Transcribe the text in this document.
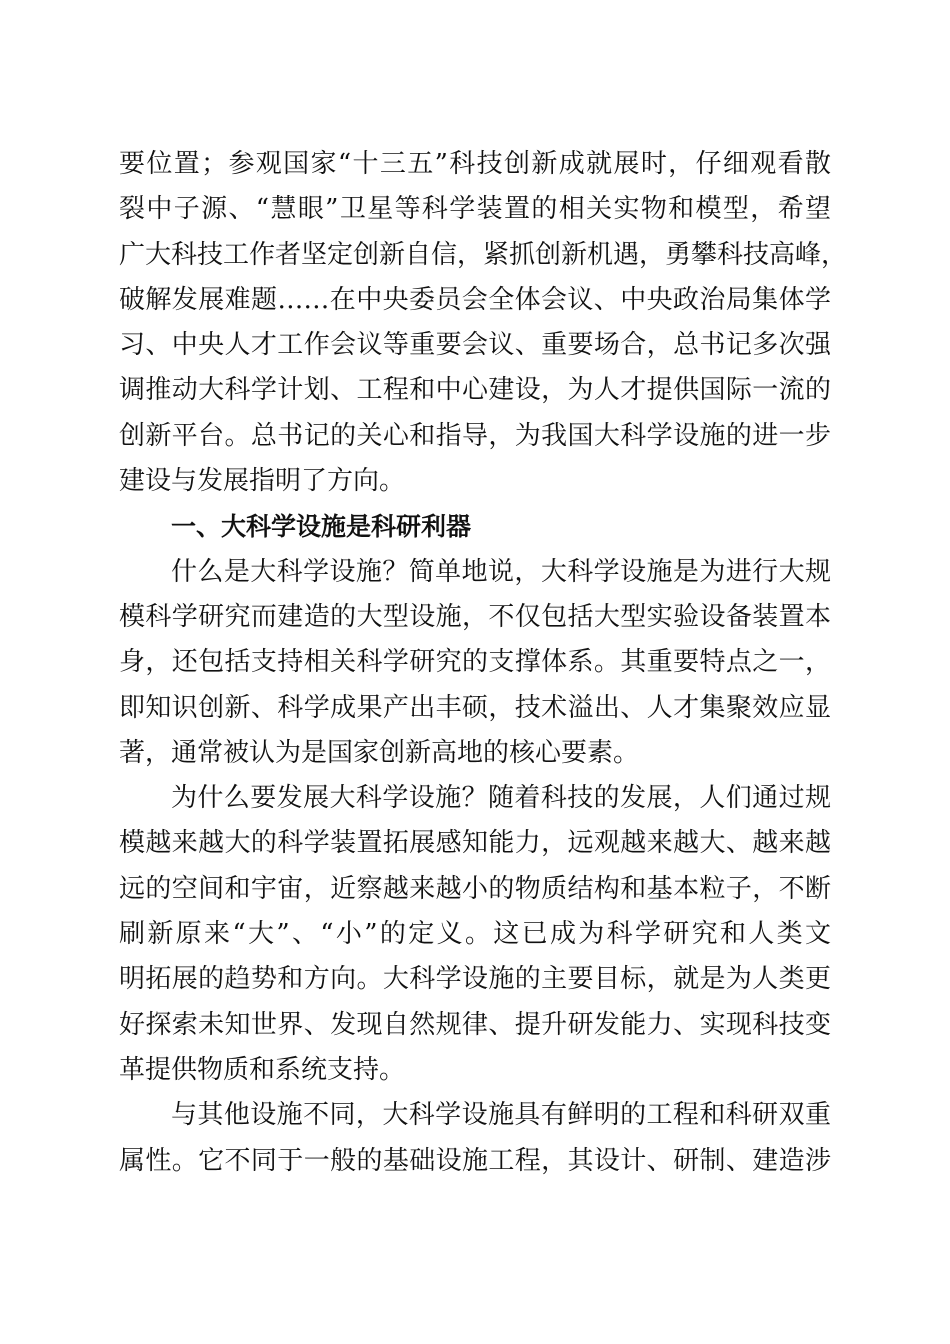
要位置；参观国家“十三五”科技创新成就展时，仔细观看散
裂中子源、“慧眼”卫星等科学装置的相关实物和模型，希望
广大科技工作者坚定创新自信，紧抓创新机遇，勇攀科技高峰，
破解发展难题……在中央委员会全体会议、中央政治局集体学
习、中央人才工作会议等重要会议、重要场合，总书记多次强
调推动大科学计划、工程和中心建设，为人才提供国际一流的
创新平台。总书记的关心和指导，为我国大科学设施的进一步
建设与发展指明了方向。
一、大科学设施是科研利器
什么是大科学设施？简单地说，大科学设施是为进行大规
模科学研究而建造的大型设施，不仅包括大型实验设备装置本
身，还包括支持相关科学研究的支撑体系。其重要特点之一，
即知识创新、科学成果产出丰硕，技术溢出、人才集聚效应显
著，通常被认为是国家创新高地的核心要素。
为什么要发展大科学设施？随着科技的发展，人们通过规
模越来越大的科学装置拓展感知能力，远观越来越大、越来越
远的空间和宇宙，近察越来越小的物质结构和基本粒子，不断
刷新原来“大”、“小”的定义。这已成为科学研究和人类文
明拓展的趋势和方向。大科学设施的主要目标，就是为人类更
好探索未知世界、发现自然规律、提升研发能力、实现科技变
革提供物质和系统支持。
与其他设施不同，大科学设施具有鲜明的工程和科研双重
属性。它不同于一般的基础设施工程，其设计、研制、建造涉
